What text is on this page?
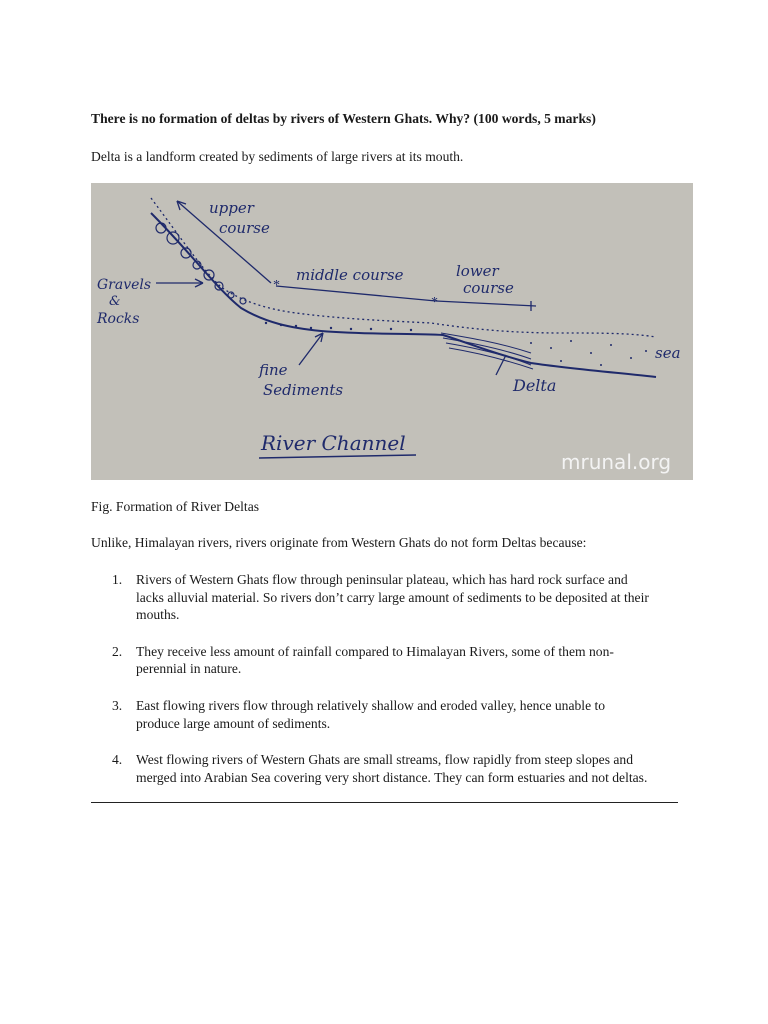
There is no formation of deltas by rivers of Western Ghats. Why? (100 words, 5 marks)
Delta is a landform created by sediments of large rivers at its mouth.
*
*
upper
course
middle course	lower
course
Gravels
&
Rocks
fine
Sediments	Delta
sea
River Channel
mrunal.org
Fig. Formation of River Deltas
Unlike, Himalayan rivers, rivers originate from Western Ghats do not form Deltas because:
1. Rivers of Western Ghats flow through peninsular plateau, which has hard rock surface and lacks alluvial material. So rivers don’t carry large amount of sediments to be deposited at their mouths.
2. They receive less amount of rainfall compared to Himalayan Rivers, some of them non-perennial in nature.
3. East flowing rivers flow through relatively shallow and eroded valley, hence unable to produce large amount of sediments.
4. West flowing rivers of Western Ghats are small streams, flow rapidly from steep slopes and merged into Arabian Sea covering very short distance. They can form estuaries and not deltas.
